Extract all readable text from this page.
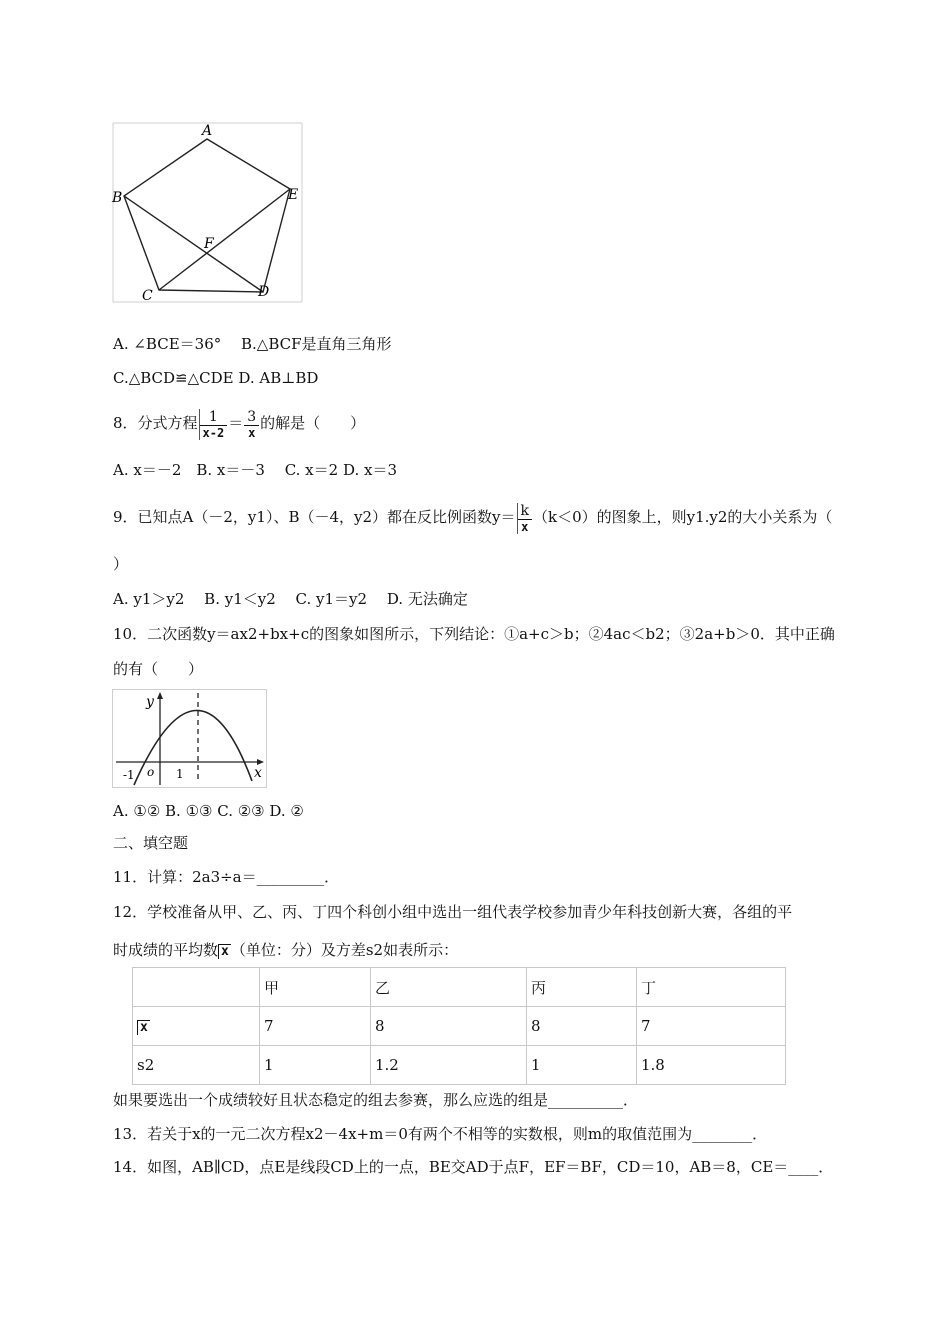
A
B	E
F
C	D
A. ∠BCE＝36°　 B.△BCF是直角三角形
C.△BCD≌△CDE D. AB⊥BD
8．分式方程 $\frac{1}{x-2} = \frac{3}{x}$ 的解是（　　）
A. x＝－2　B. x＝－3　 C. x＝2 D. x＝3
9．已知点A（－2，y1）、B（－4，y2）都在反比例函数$y= \frac{k}{x} (k<0)$的图象上，则y1.y2的大小关系为（
）
A. y1＞y2　 B. y1＜y2　 C. y1＝y2　 D. 无法确定
10．二次函数y＝ax2+bx+c的图象如图所示，下列结论：①a+c＞b；②4ac＜b2；③2a+b＞0．其中正确
的有（　　）
y
x
o
-1	1
A. ①② B. ①③ C. ②③ D. ②
二、填空题
11．计算：2a3÷a＝_________．
12．学校准备从甲、乙、丙、丁四个科创小组中选出一组代表学校参加青少年科技创新大赛，各组的平
时成绩的平均数 x （单位：分）及方差s2如表所示：
	甲	乙	丙	丁
x	7	8	8	7
s2	1	1.2	1	1.8
如果要选出一个成绩较好且状态稳定的组去参赛，那么应选的组是__________．
13．若关于x的一元二次方程x2－4x+m＝0有两个不相等的实数根，则m的取值范围为________．
14．如图，AB∥CD，点E是线段CD上的一点，BE交AD于点F，EF＝BF，CD＝10，AB＝8，CE＝____．
